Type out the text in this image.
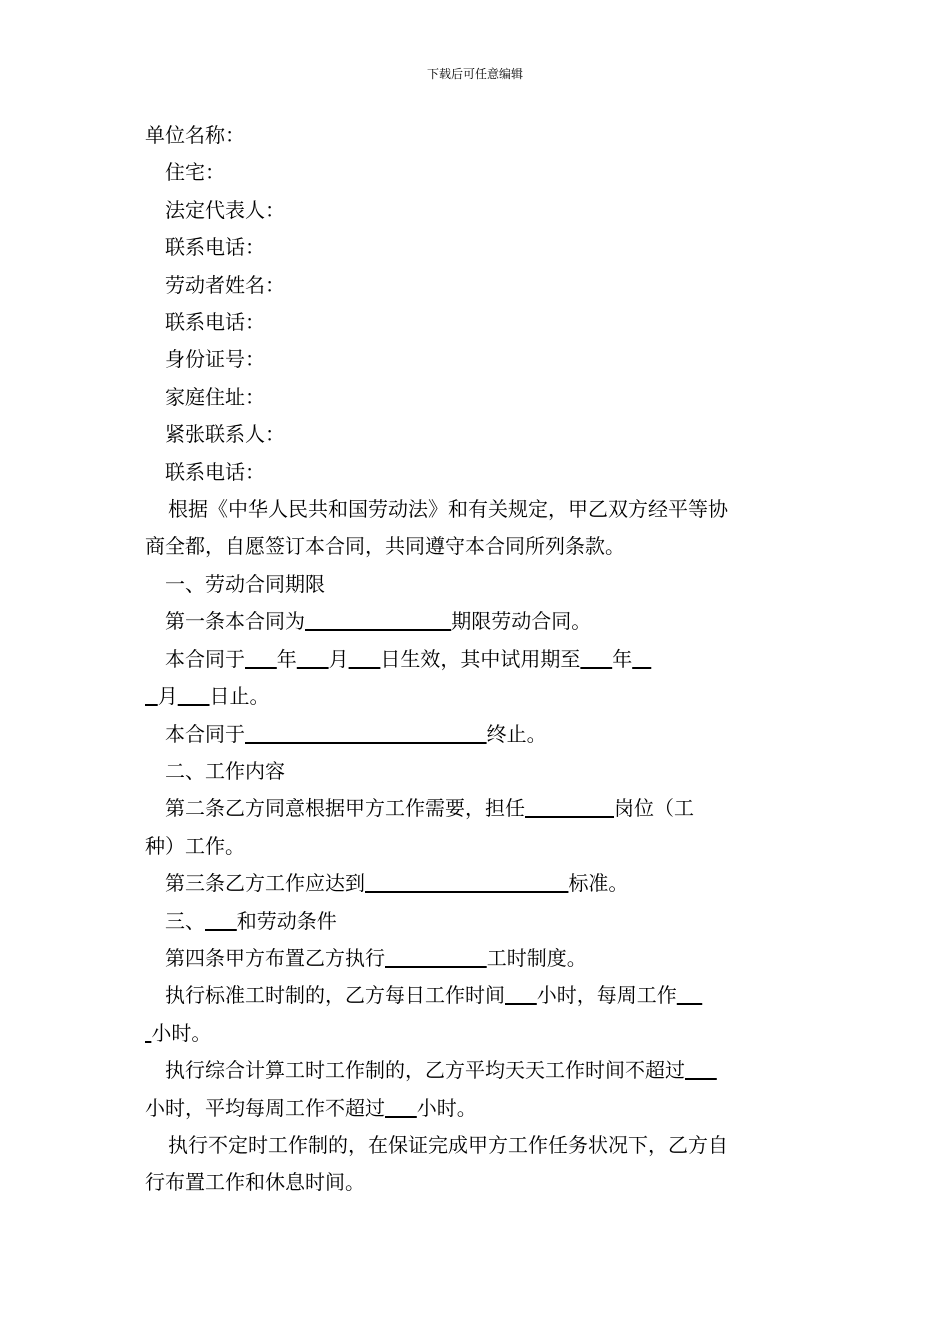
下载后可任意编辑
单位名称：
住宅：
法定代表人：
联系电话：
劳动者姓名：
联系电话：
身份证号：
家庭住址：
紧张联系人：
联系电话：
根据《中华人民共和国劳动法》和有关规定，甲乙双方经平等协
商全都，自愿签订本合同，共同遵守本合同所列条款。
一、劳动合同期限
第一条本合同为	期限劳动合同。
本合同于 年 月 日生效，其中试用期至 年
月 日止。
本合同于	终止。
二、工作内容
第二条乙方同意根据甲方工作需要，担任	岗位（工
种）工作。
第三条乙方工作应达到	标准。
三、 和劳动条件
第四条甲方布置乙方执行	工时制度。
执行标准工时制的，乙方每日工作时间 小时，每周工作
小时。
执行综合计算工时工作制的，乙方平均天天工作时间不超过
小时，平均每周工作不超过 小时。
执行不定时工作制的，在保证完成甲方工作任务状况下，乙方自
行布置工作和休息时间。
